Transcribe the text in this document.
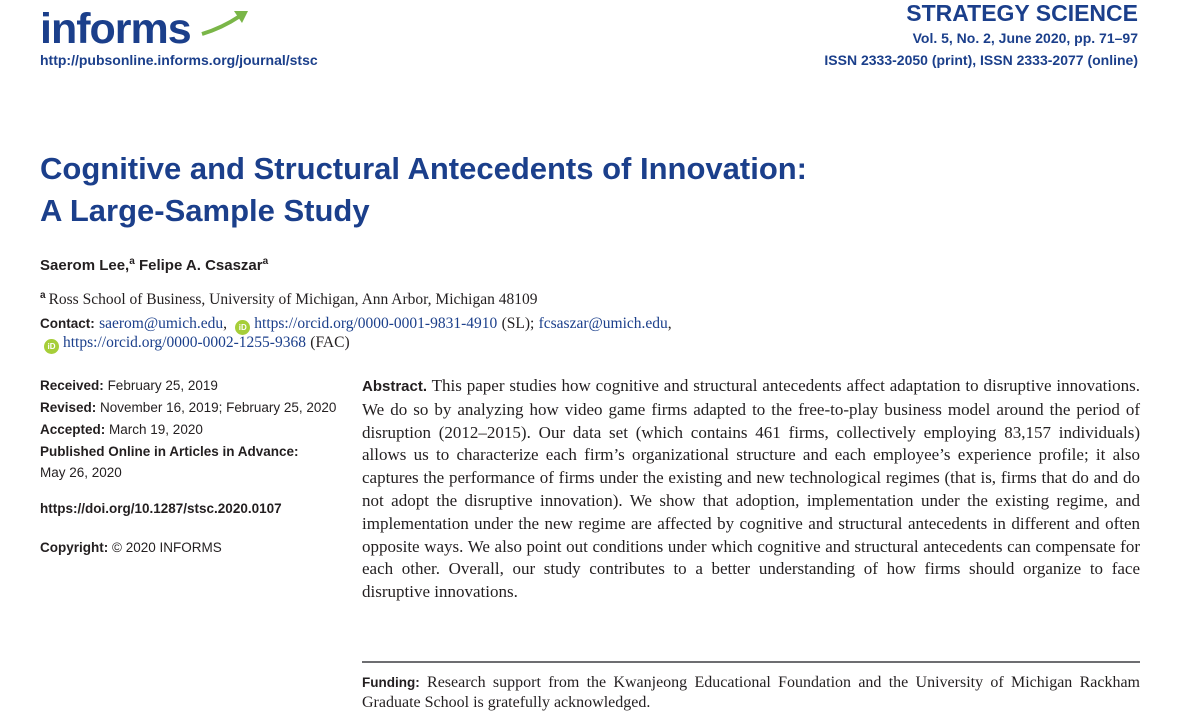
informs
http://pubsonline.informs.org/journal/stsc
STRATEGY SCIENCE
Vol. 5, No. 2, June 2020, pp. 71–97
ISSN 2333-2050 (print), ISSN 2333-2077 (online)
Cognitive and Structural Antecedents of Innovation:
A Large-Sample Study
Saerom Lee,$^a$ Felipe A. Csaszar$^a$
$^a$ Ross School of Business, University of Michigan, Ann Arbor, Michigan 48109
Contact: saerom@umich.edu, iD https://orcid.org/0000-0001-9831-4910 (SL); fcsaszar@umich.edu,
iD https://orcid.org/0000-0002-1255-9368 (FAC)
Received: February 25, 2019
Revised: November 16, 2019; February 25, 2020
Accepted: March 19, 2020
Published Online in Articles in Advance:
May 26, 2020
https://doi.org/10.1287/stsc.2020.0107
Copyright: © 2020 INFORMS
Abstract. This paper studies how cognitive and structural antecedents affect adaptation to disruptive innovations. We do so by analyzing how video game firms adapted to the free-to-play business model around the period of disruption (2012–2015). Our data set (which contains 461 firms, collectively employing 83,157 individuals) allows us to characterize each firm’s organizational structure and each employee’s experience profile; it also captures the performance of firms under the existing and new technological regimes (that is, firms that do and do not adopt the disruptive innovation). We show that adoption, implementation under the existing regime, and implementation under the new regime are affected by cognitive and structural antecedents in different and often opposite ways. We also point out conditions under which cognitive and structural antecedents can compensate for each other. Overall, our study contributes to a better understanding of how firms should organize to face disruptive innovations.
Funding: Research support from the Kwanjeong Educational Foundation and the University of Michigan Rackham Graduate School is gratefully acknowledged.
